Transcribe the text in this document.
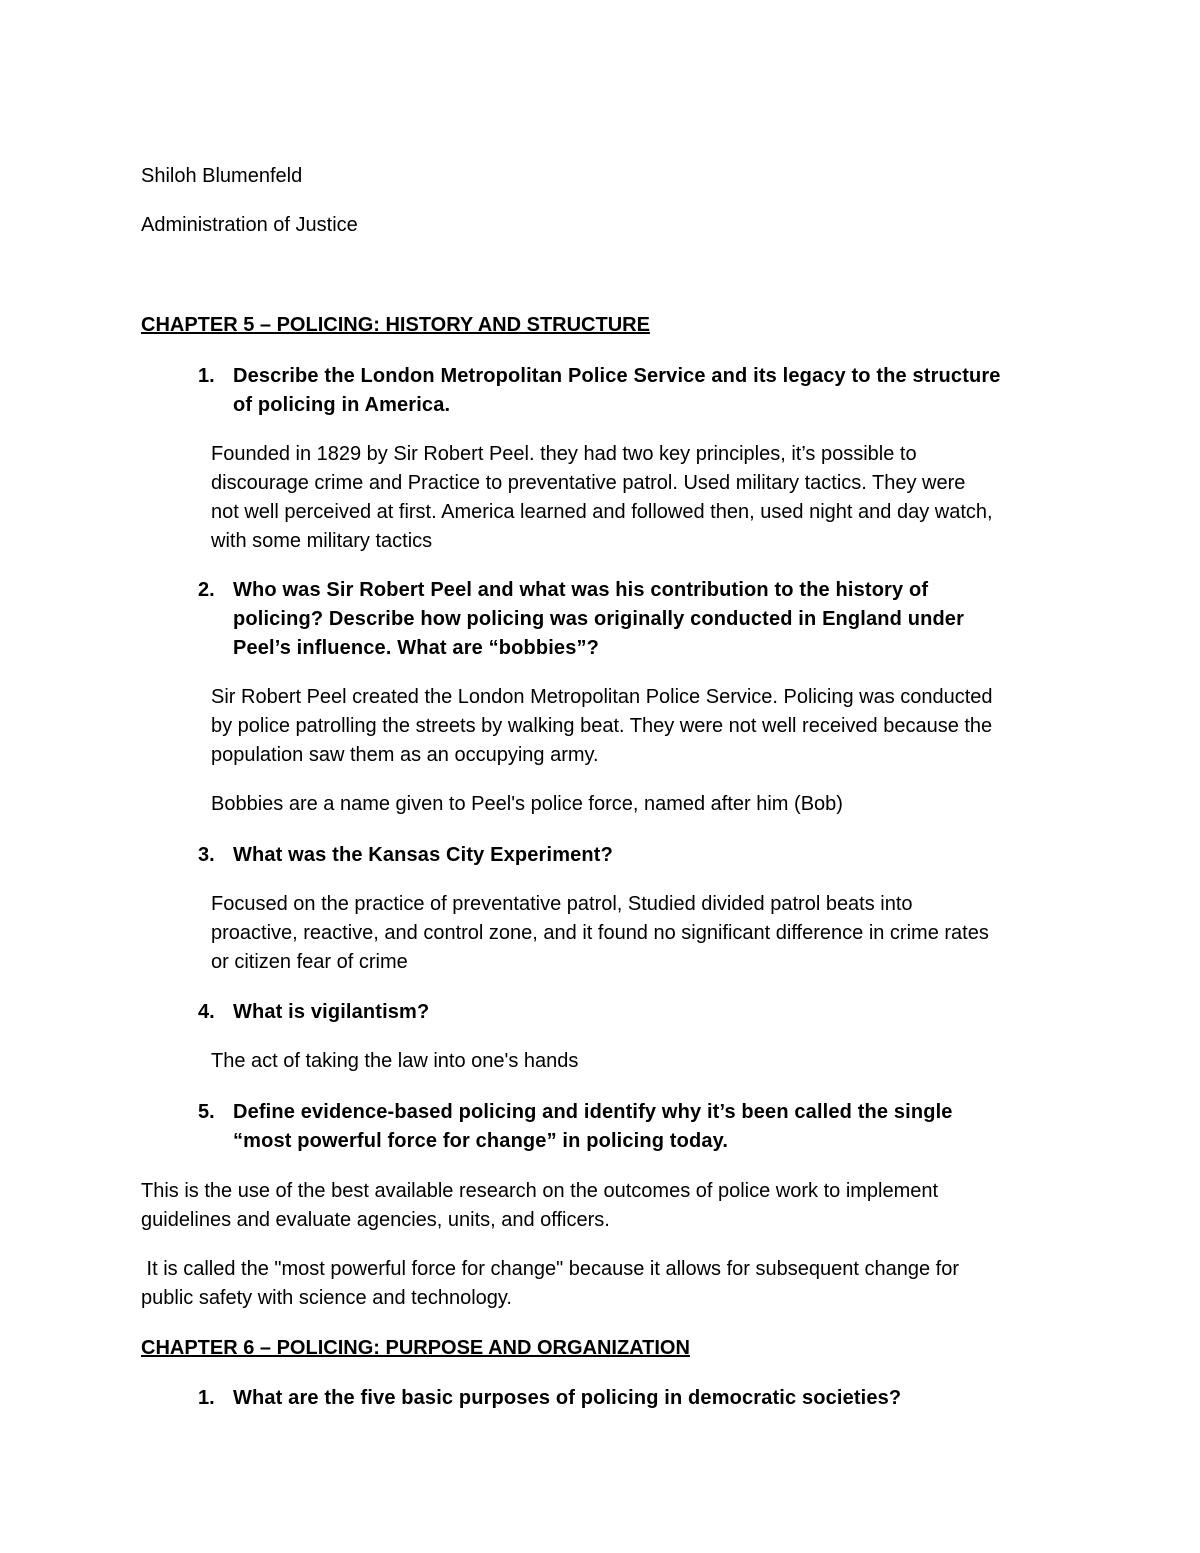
Shiloh Blumenfeld
Administration of Justice
CHAPTER 5 – POLICING: HISTORY AND STRUCTURE
1. Describe the London Metropolitan Police Service and its legacy to the structure
of policing in America.
Founded in 1829 by Sir Robert Peel. they had two key principles, it’s possible to
discourage crime and Practice to preventative patrol. Used military tactics. They were
not well perceived at first. America learned and followed then, used night and day watch,
with some military tactics
2. Who was Sir Robert Peel and what was his contribution to the history of
policing? Describe how policing was originally conducted in England under
Peel’s influence. What are “bobbies”?
Sir Robert Peel created the London Metropolitan Police Service. Policing was conducted
by police patrolling the streets by walking beat. They were not well received because the
population saw them as an occupying army.
Bobbies are a name given to Peel's police force, named after him (Bob)
3. What was the Kansas City Experiment?
Focused on the practice of preventative patrol, Studied divided patrol beats into
proactive, reactive, and control zone, and it found no significant difference in crime rates
or citizen fear of crime
4. What is vigilantism?
The act of taking the law into one's hands
5. Define evidence-based policing and identify why it’s been called the single
“most powerful force for change” in policing today.
This is the use of the best available research on the outcomes of police work to implement
guidelines and evaluate agencies, units, and officers.
It is called the "most powerful force for change" because it allows for subsequent change for
public safety with science and technology.
CHAPTER 6 – POLICING: PURPOSE AND ORGANIZATION
1. What are the five basic purposes of policing in democratic societies?
